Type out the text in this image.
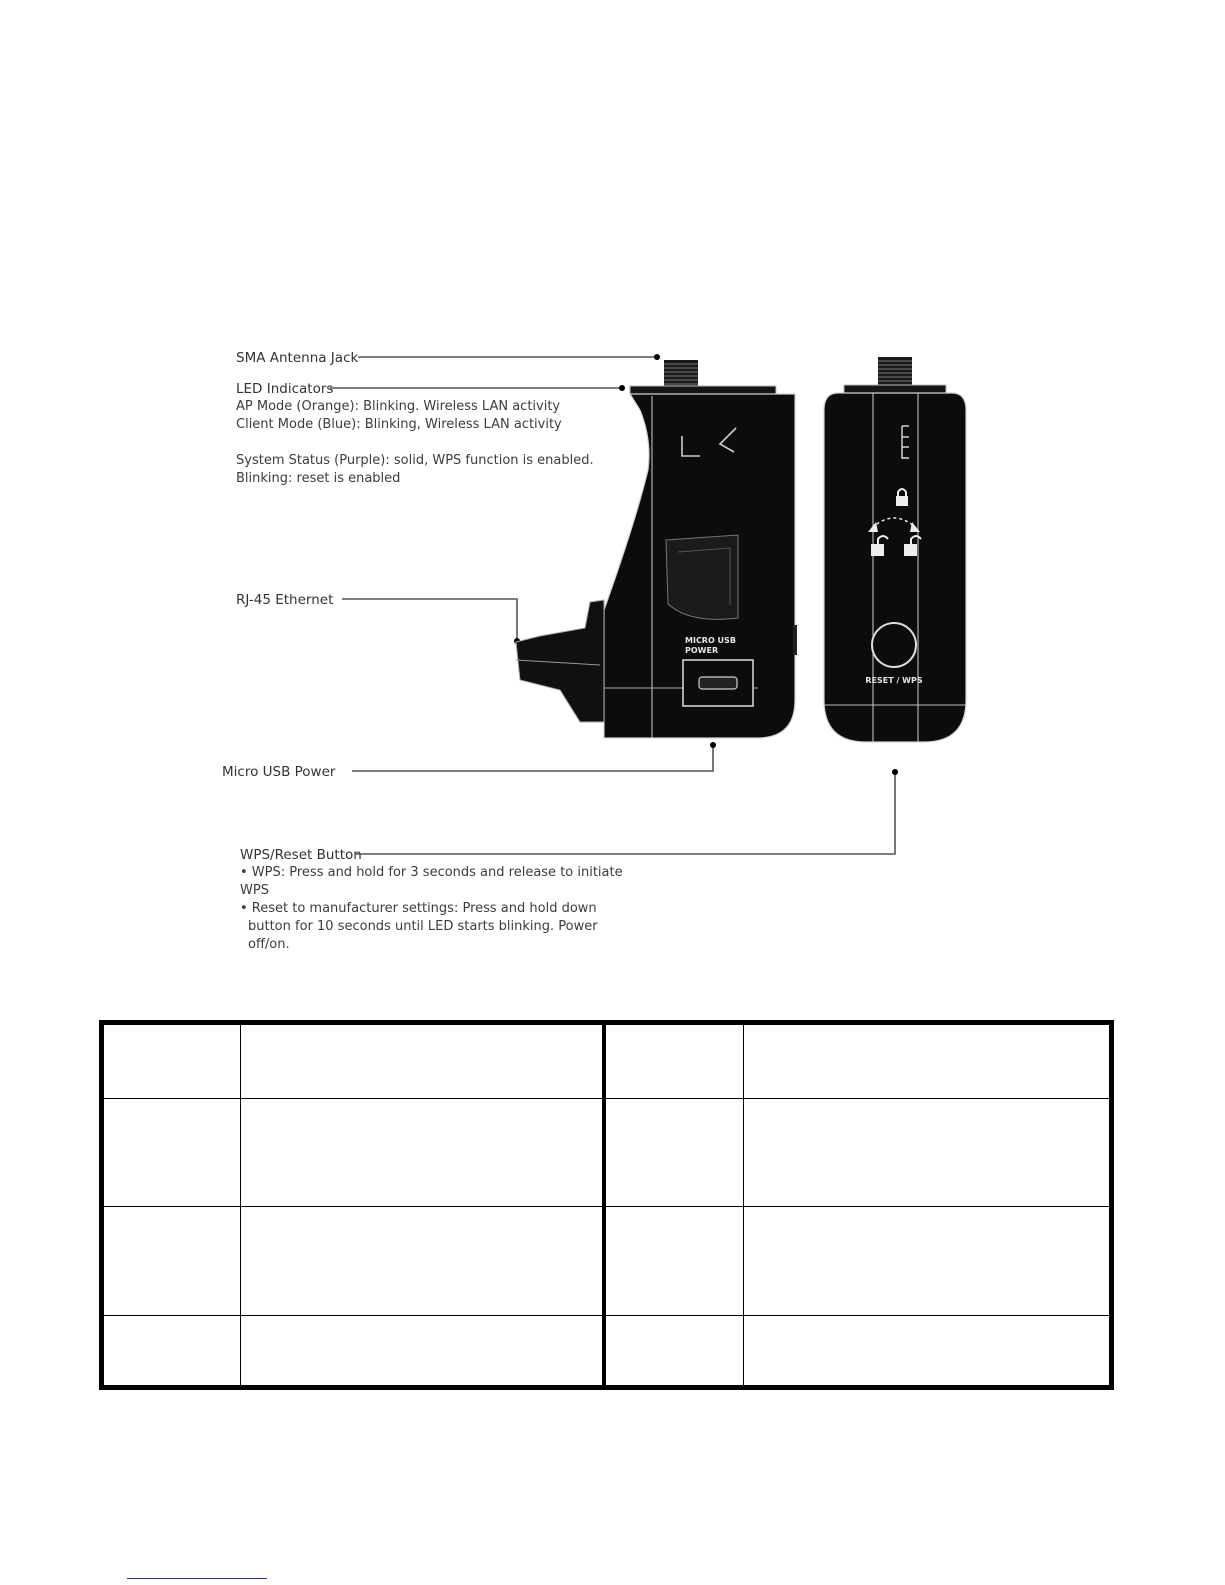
SMA Antenna Jack
LED Indicators
AP Mode (Orange): Blinking. Wireless LAN activity
Client Mode (Blue): Blinking, Wireless LAN activity
System Status (Purple): solid, WPS function is enabled.
Blinking: reset is enabled
RJ-45 Ethernet
Micro USB Power
WPS/Reset Button
• WPS: Press and hold for 3 seconds and release to initiate
WPS
• Reset to manufacturer settings: Press and hold down
button for 10 seconds until LED starts blinking. Power
off/on.
MICRO USB
POWER
RESET / WPS
